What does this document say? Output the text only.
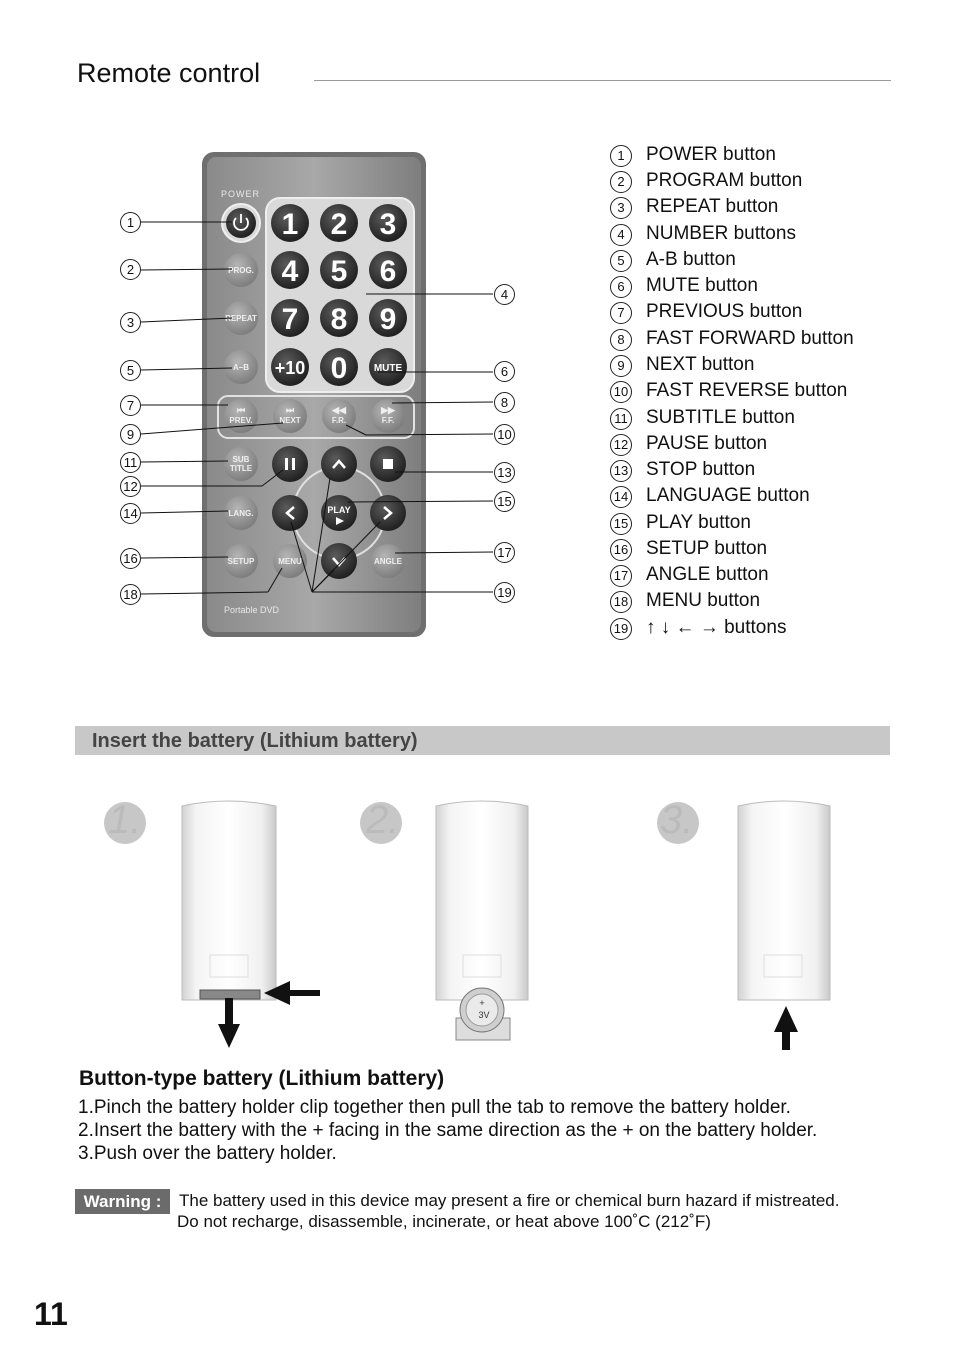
Remote control
POWER
1 2 3
4 5 6
7 8 9
+10 0	MUTE
PROG.
REPEAT
A–B
⏮
PREV.
⏭
NEXT
◀◀
F.R.
▶▶
F.F.
SUB
TITLE
LANG.
SETUP	MENU	ANGLE
PLAY
Portable DVD
1
2
3
5
7
9
11
12
14
16
18
4
6
8
10
13
15
17
19
1	POWER button
2	PROGRAM button
3	REPEAT button
4	NUMBER buttons
5	A-B button
6	MUTE button
7	PREVIOUS button
8	FAST FORWARD button
9	NEXT button
10 FAST REVERSE button
11 SUBTITLE button
12 PAUSE button
13 STOP button
14 LANGUAGE button
15 PLAY button
16 SETUP button
17 ANGLE button
18 MENU button
19 ↑ ↓ ← → buttons
Insert the battery (Lithium battery)
1.	2.	3.
+
3V
Button-type battery (Lithium battery)
1.Pinch the battery holder clip together then pull the tab to remove the battery holder.
2.Insert the battery with the + facing in the same direction as the + on the battery holder.
3.Push over the battery holder.
Warning :	The battery used in this device may present a fire or chemical burn hazard if mistreated.
Do not recharge, disassemble, incinerate, or heat above 100˚C (212˚F)
11
